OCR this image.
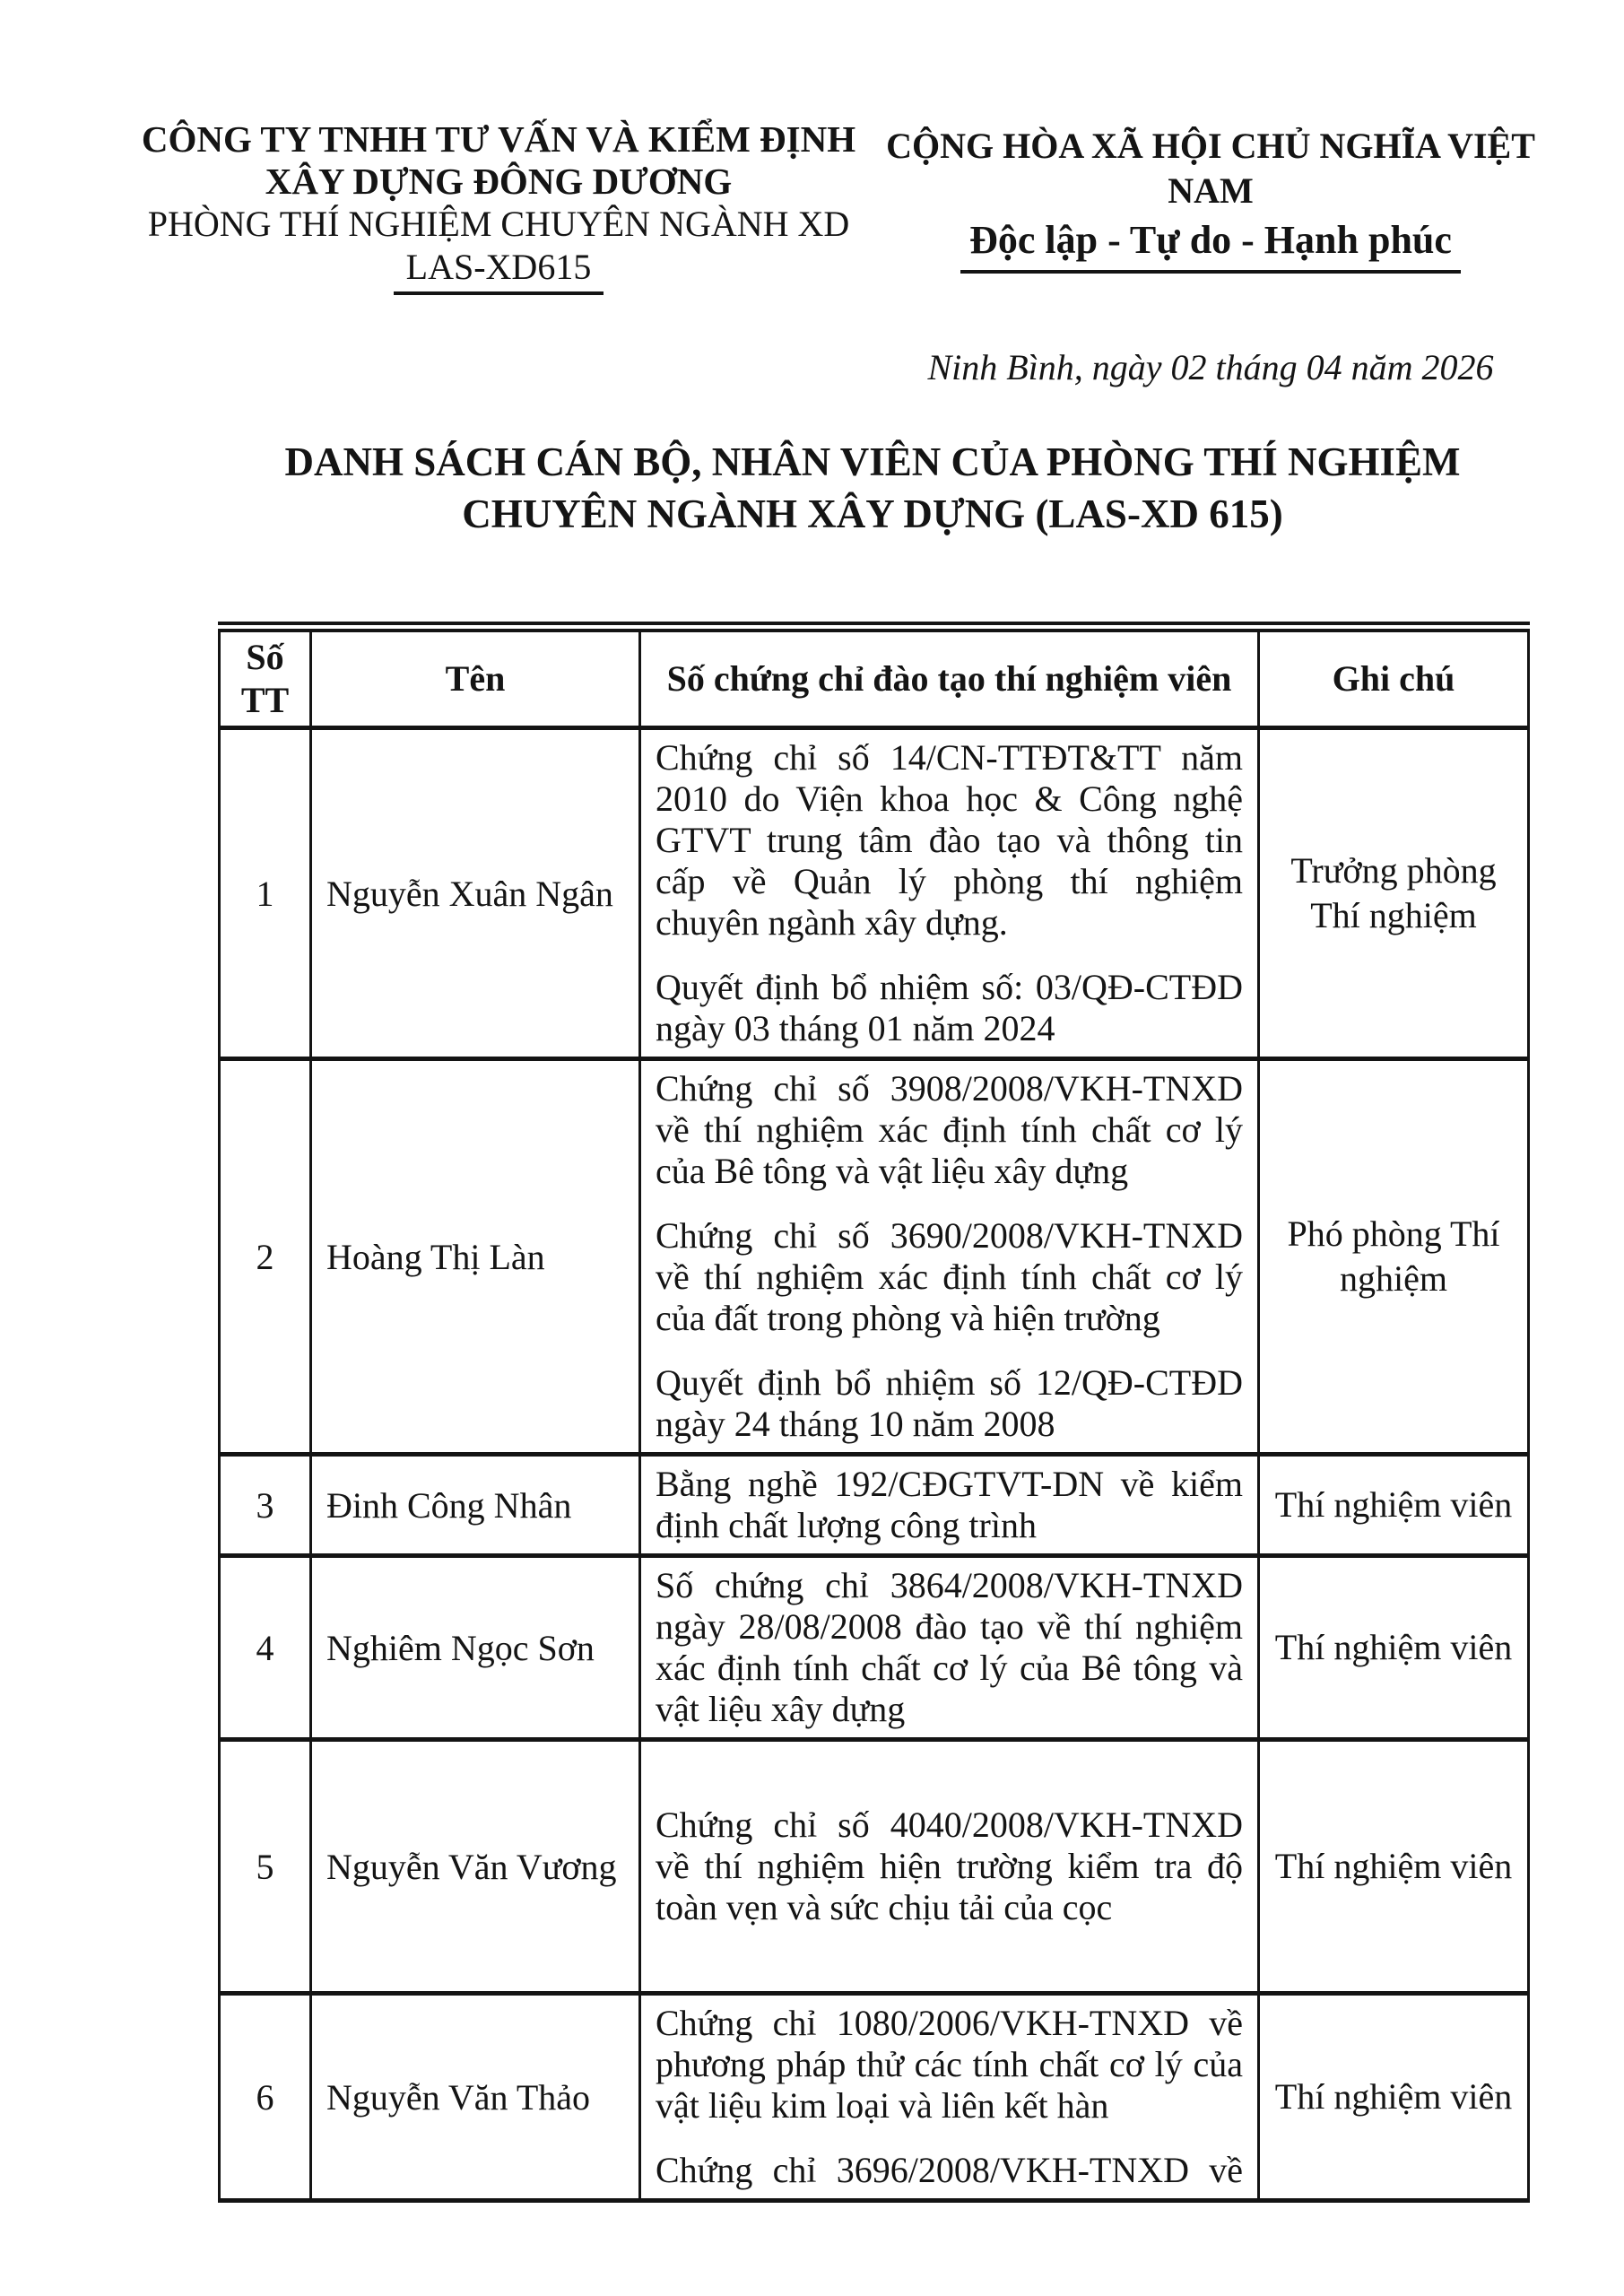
CÔNG TY TNHH TƯ VẤN VÀ KIỂM ĐỊNH
XÂY DỰNG ĐÔNG DƯƠNG
PHÒNG THÍ NGHIỆM CHUYÊN NGÀNH XD
LAS-XD615
CỘNG HÒA XÃ HỘI CHỦ NGHĨA VIỆT NAM
Độc lập - Tự do - Hạnh phúc
Ninh Bình, ngày 02 tháng 04 năm 2026
DANH SÁCH CÁN BỘ, NHÂN VIÊN CỦA PHÒNG THÍ NGHIỆM
CHUYÊN NGÀNH XÂY DỰNG (LAS-XD 615)
Số TT	Tên	Số chứng chỉ đào tạo thí nghiệm viên	Ghi chú
1	Nguyễn Xuân Ngân	Chứng chỉ số 14/CN-TTĐT&TT năm 2010 do Viện khoa học & Công nghệ GTVT trung tâm đào tạo và thông tin cấp về Quản lý phòng thí nghiệm chuyên ngành xây dựng.

Quyết định bổ nhiệm số: 03/QĐ-CTĐD ngày 03 tháng 01 năm 2024	Trưởng phòng Thí nghiệm
2	Hoàng Thị Làn	Chứng chỉ số 3908/2008/VKH-TNXD về thí nghiệm xác định tính chất cơ lý của Bê tông và vật liệu xây dựng

Chứng chỉ số 3690/2008/VKH-TNXD về thí nghiệm xác định tính chất cơ lý của đất trong phòng và hiện trường

Quyết định bổ nhiệm số 12/QĐ-CTĐD ngày 24 tháng 10 năm 2008	Phó phòng Thí nghiệm
3	Đinh Công Nhân	Bằng nghề 192/CĐGTVT-DN về kiểm định chất lượng công trình	Thí nghiệm viên
4	Nghiêm Ngọc Sơn	Số chứng chỉ 3864/2008/VKH-TNXD ngày 28/08/2008 đào tạo về thí nghiệm xác định tính chất cơ lý của Bê tông và vật liệu xây dựng	Thí nghiệm viên
5	Nguyễn Văn Vương	Chứng chỉ số 4040/2008/VKH-TNXD về thí nghiệm hiện trường kiểm tra độ toàn vẹn và sức chịu tải của cọc	Thí nghiệm viên
6	Nguyễn Văn Thảo	Chứng chỉ 1080/2006/VKH-TNXD về phương pháp thử các tính chất cơ lý của vật liệu kim loại và liên kết hàn

Chứng chỉ 3696/2008/VKH-TNXD về	Thí nghiệm viên
